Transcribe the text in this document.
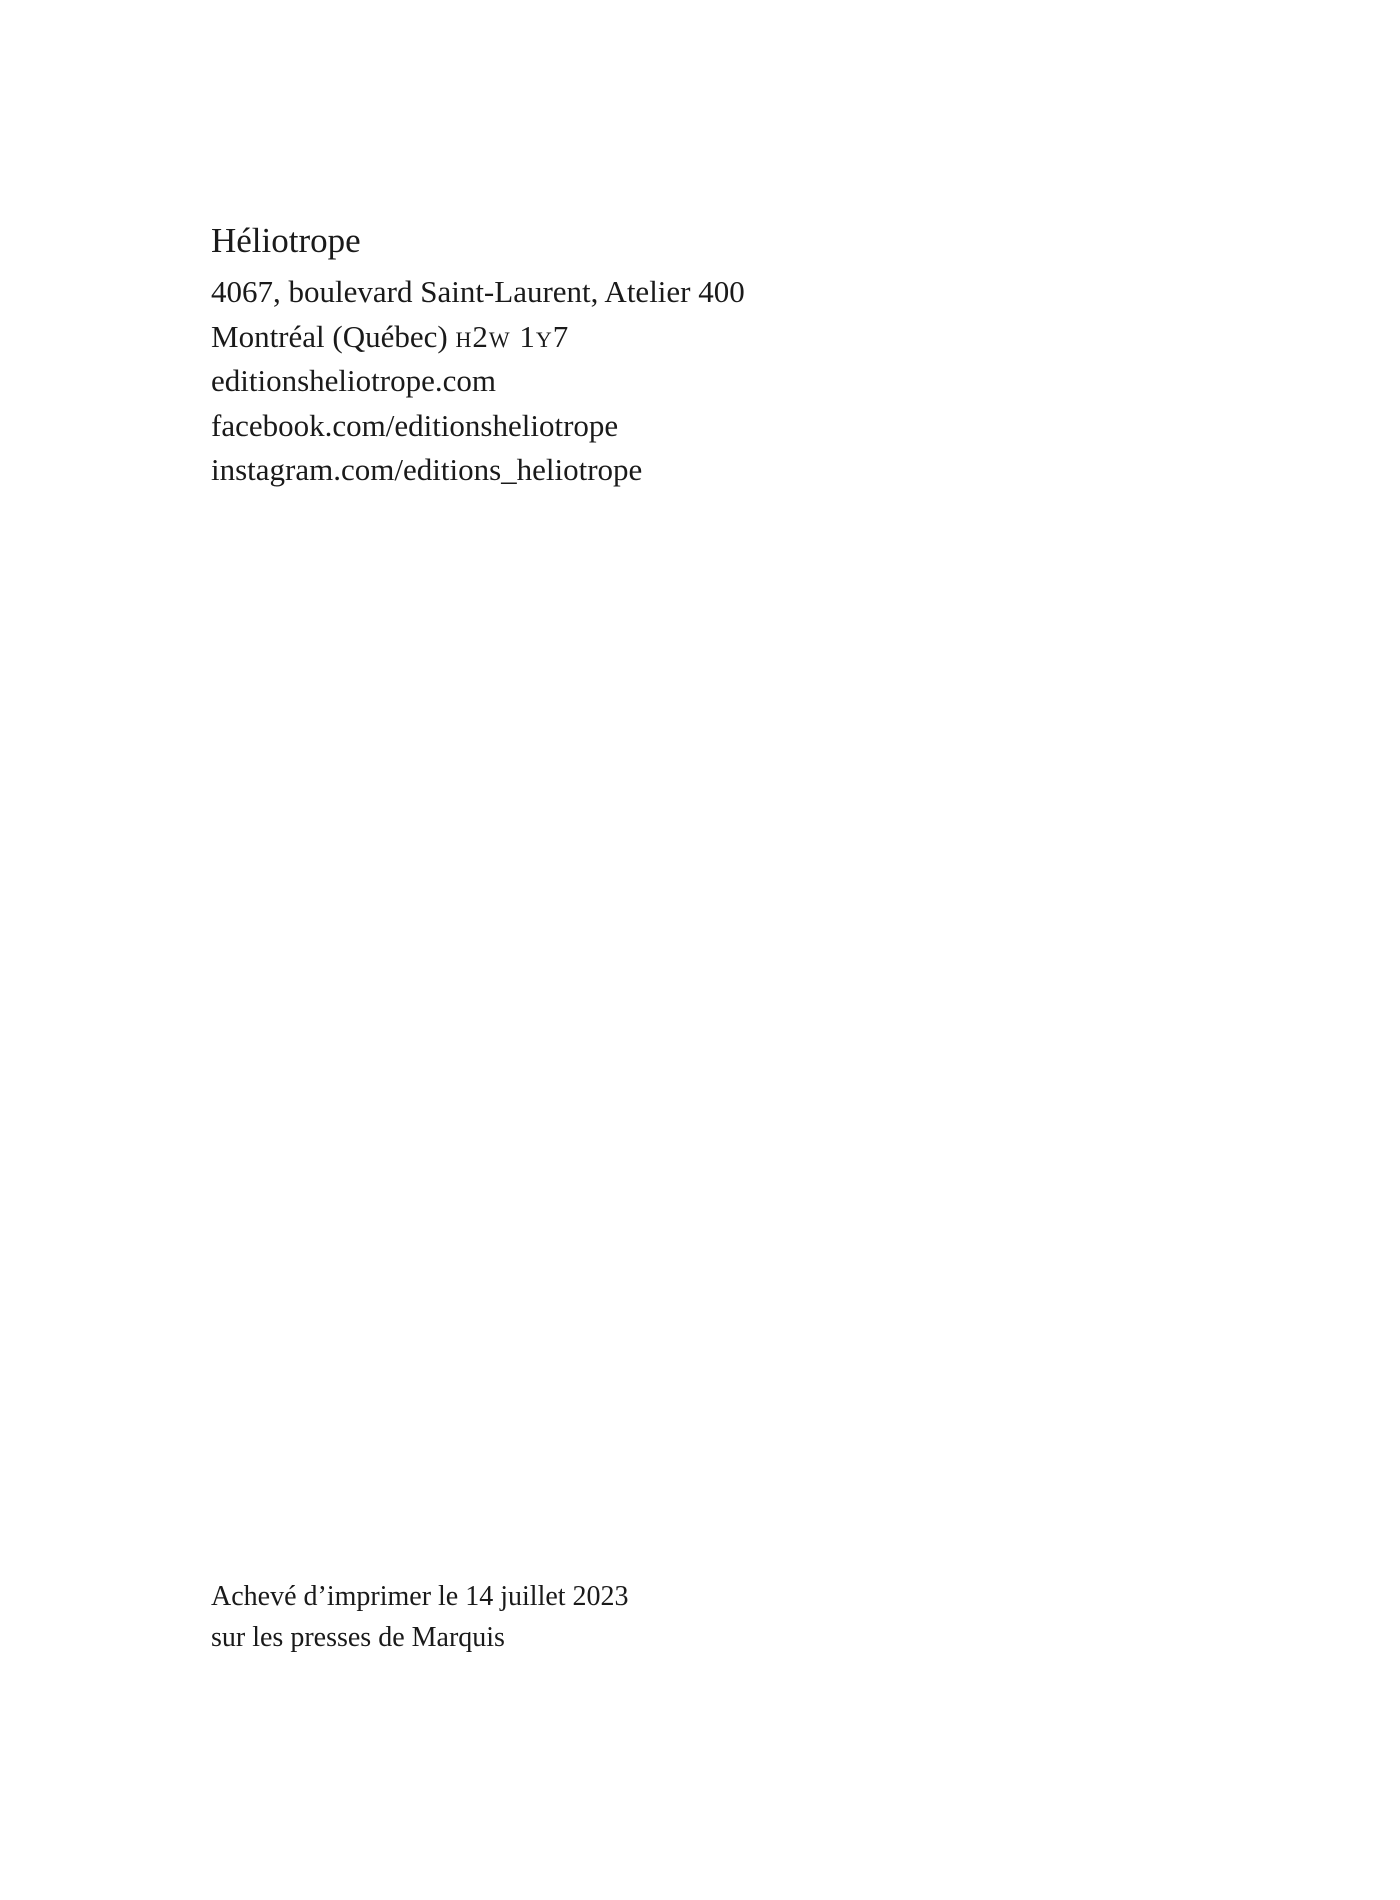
Héliotrope
4067, boulevard Saint-Laurent, Atelier 400
Montréal (Québec) h2w 1y7
editionsheliotrope.com
facebook.com/editionsheliotrope
instagram.com/editions_heliotrope
Achevé d’imprimer le 14 juillet 2023
sur les presses de Marquis
